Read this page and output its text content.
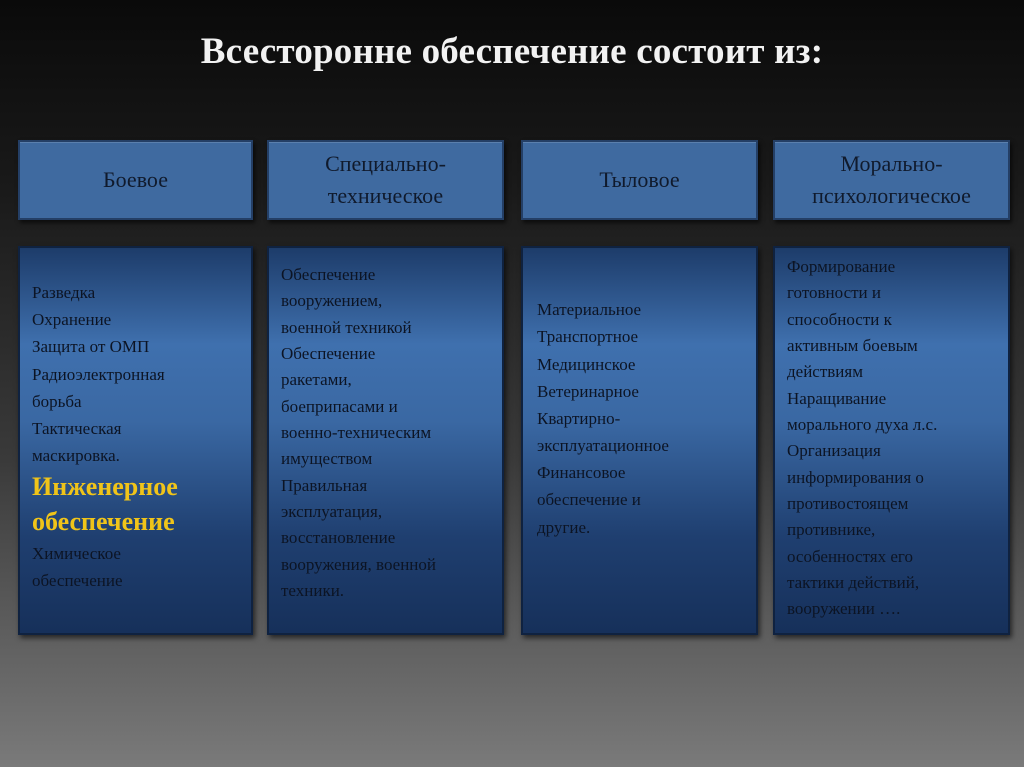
Всесторонне обеспечение состоит из:
Боевое
Специально-
техническое
Тыловое
Морально-
психологическое
Разведка
Охранение
Защита от ОМП
Радиоэлектронная
борьба
Тактическая
маскировка.
Инженерное
обеспечение
Химическое
обеспечение
Обеспечение
вооружением,
военной техникой
Обеспечение
ракетами,
боеприпасами и
военно-техническим
имуществом
Правильная
эксплуатация,
восстановление
вооружения, военной
техники.
Материальное
Транспортное
Медицинское
Ветеринарное
Квартирно-
эксплуатационное
Финансовое
обеспечение и
другие.
Формирование
готовности и
способности к
активным боевым
действиям
Наращивание
морального духа л.с.
Организация
информирования о
противостоящем
противнике,
особенностях его
тактики действий,
вооружении ….
